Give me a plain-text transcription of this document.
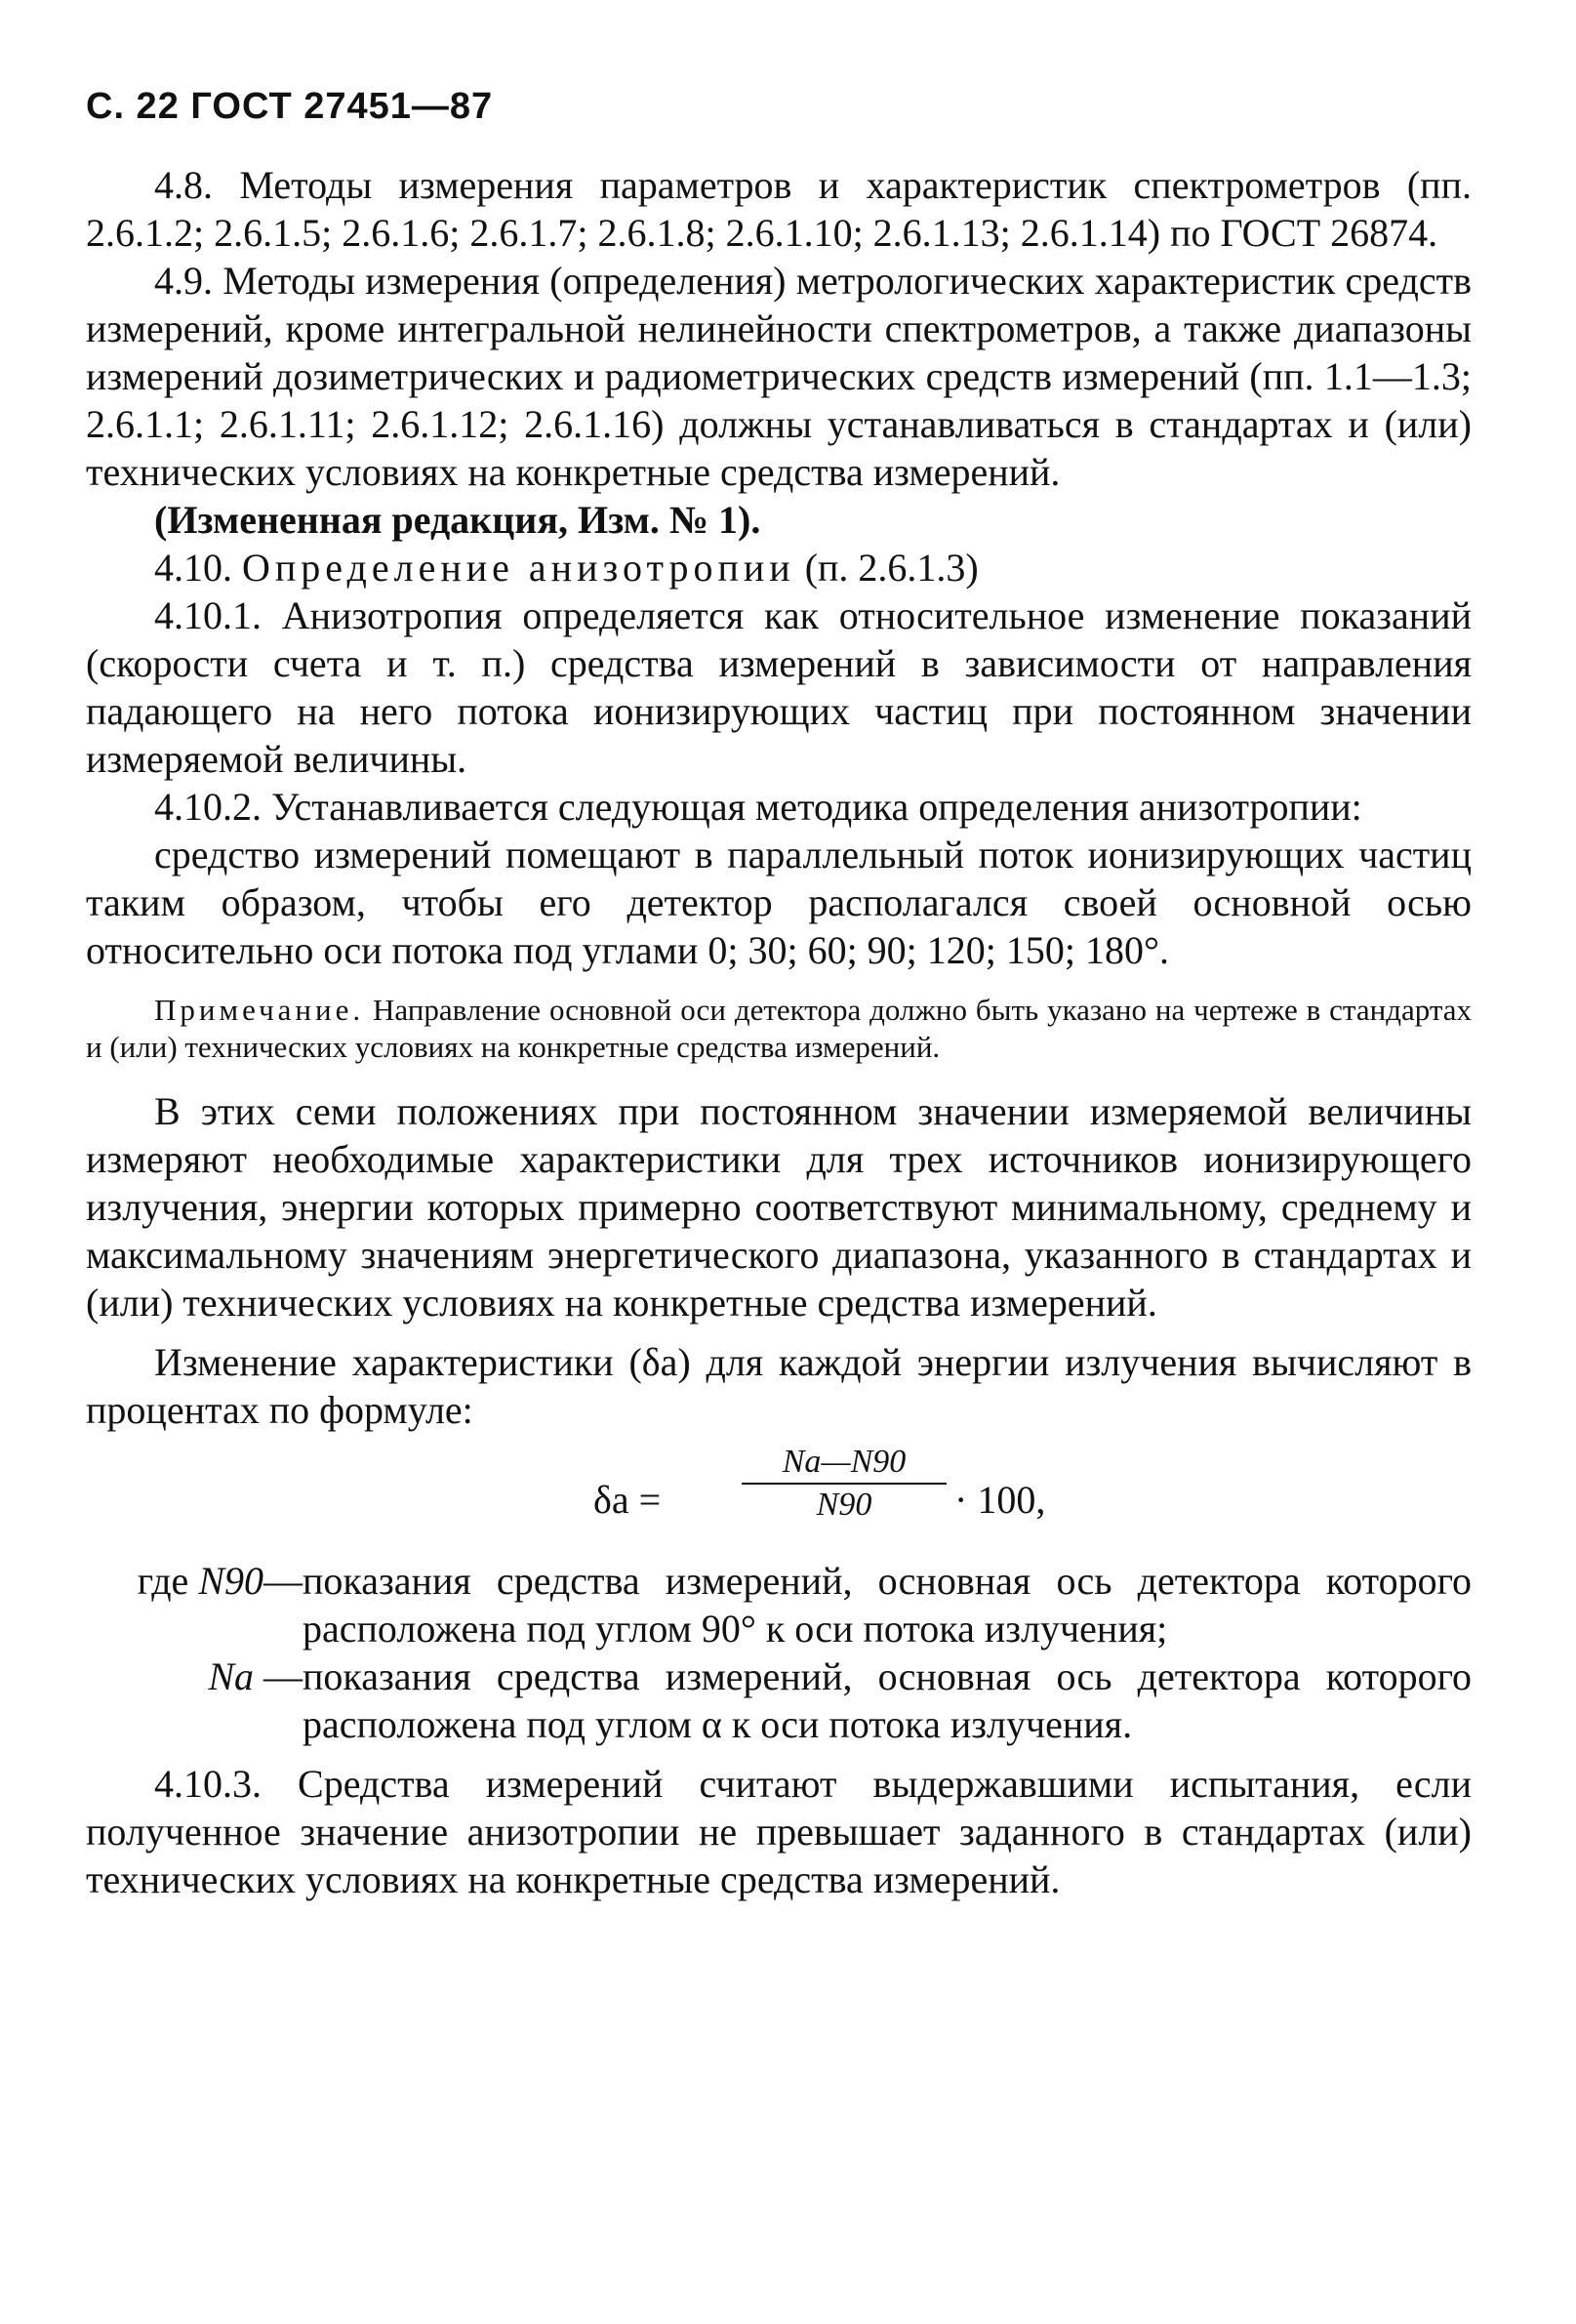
С. 22 ГОСТ 27451—87

4.8. Методы измерения параметров и характеристик спектрометров (пп. 2.6.1.2; 2.6.1.5; 2.6.1.6; 2.6.1.7; 2.6.1.8; 2.6.1.10; 2.6.1.13; 2.6.1.14) по ГОСТ 26874.

4.9. Методы измерения (определения) метрологических характеристик средств измерений, кроме интегральной нелинейности спектрометров, а также диапазоны измерений дозиметрических и радиометрических средств измерений (пп. 1.1—1.3; 2.6.1.1; 2.6.1.11; 2.6.1.12; 2.6.1.16) должны устанавливаться в стандартах и (или) технических условиях на конкретные средства измерений.

(Измененная редакция, Изм. № 1).

4.10. Определение анизотропии (п. 2.6.1.3)

4.10.1. Анизотропия определяется как относительное изменение показаний (скорости счета и т. п.) средства измерений в зависимости от направления падающего на него потока ионизирующих частиц при постоянном значении измеряемой величины.

4.10.2. Устанавливается следующая методика определения анизотропии:

средство измерений помещают в параллельный поток ионизирующих частиц таким образом, чтобы его детектор располагался своей основной осью относительно оси потока под углами 0; 30; 60; 90; 120; 150; 180°.

Примечание. Направление основной оси детектора должно быть указано на чертеже в стандартах и (или) технических условиях на конкретные средства измерений.

В этих семи положениях при постоянном значении измеряемой величины измеряют необходимые характеристики для трех источников ионизирующего излучения, энергии которых примерно соответствуют минимальному, среднему и максимальному значениям энергетического диапазона, указанного в стандартах и (или) технических условиях на конкретные средства измерений.

Изменение характеристики (δa) для каждой энергии излучения вычисляют в процентах по формуле:

$\delta a = \frac{Na—N90}{N90} \cdot 100$,
где N90— показания средства измерений, основная ось детектора которого расположена под углом 90° к оси потока излучения;
Na — показания средства измерений, основная ось детектора которого расположена под углом α к оси потока излучения.

4.10.3. Средства измерений считают выдержавшими испытания, если полученное значение анизотропии не превышает заданного в стандартах (или) технических условиях на конкретные средства измерений.
